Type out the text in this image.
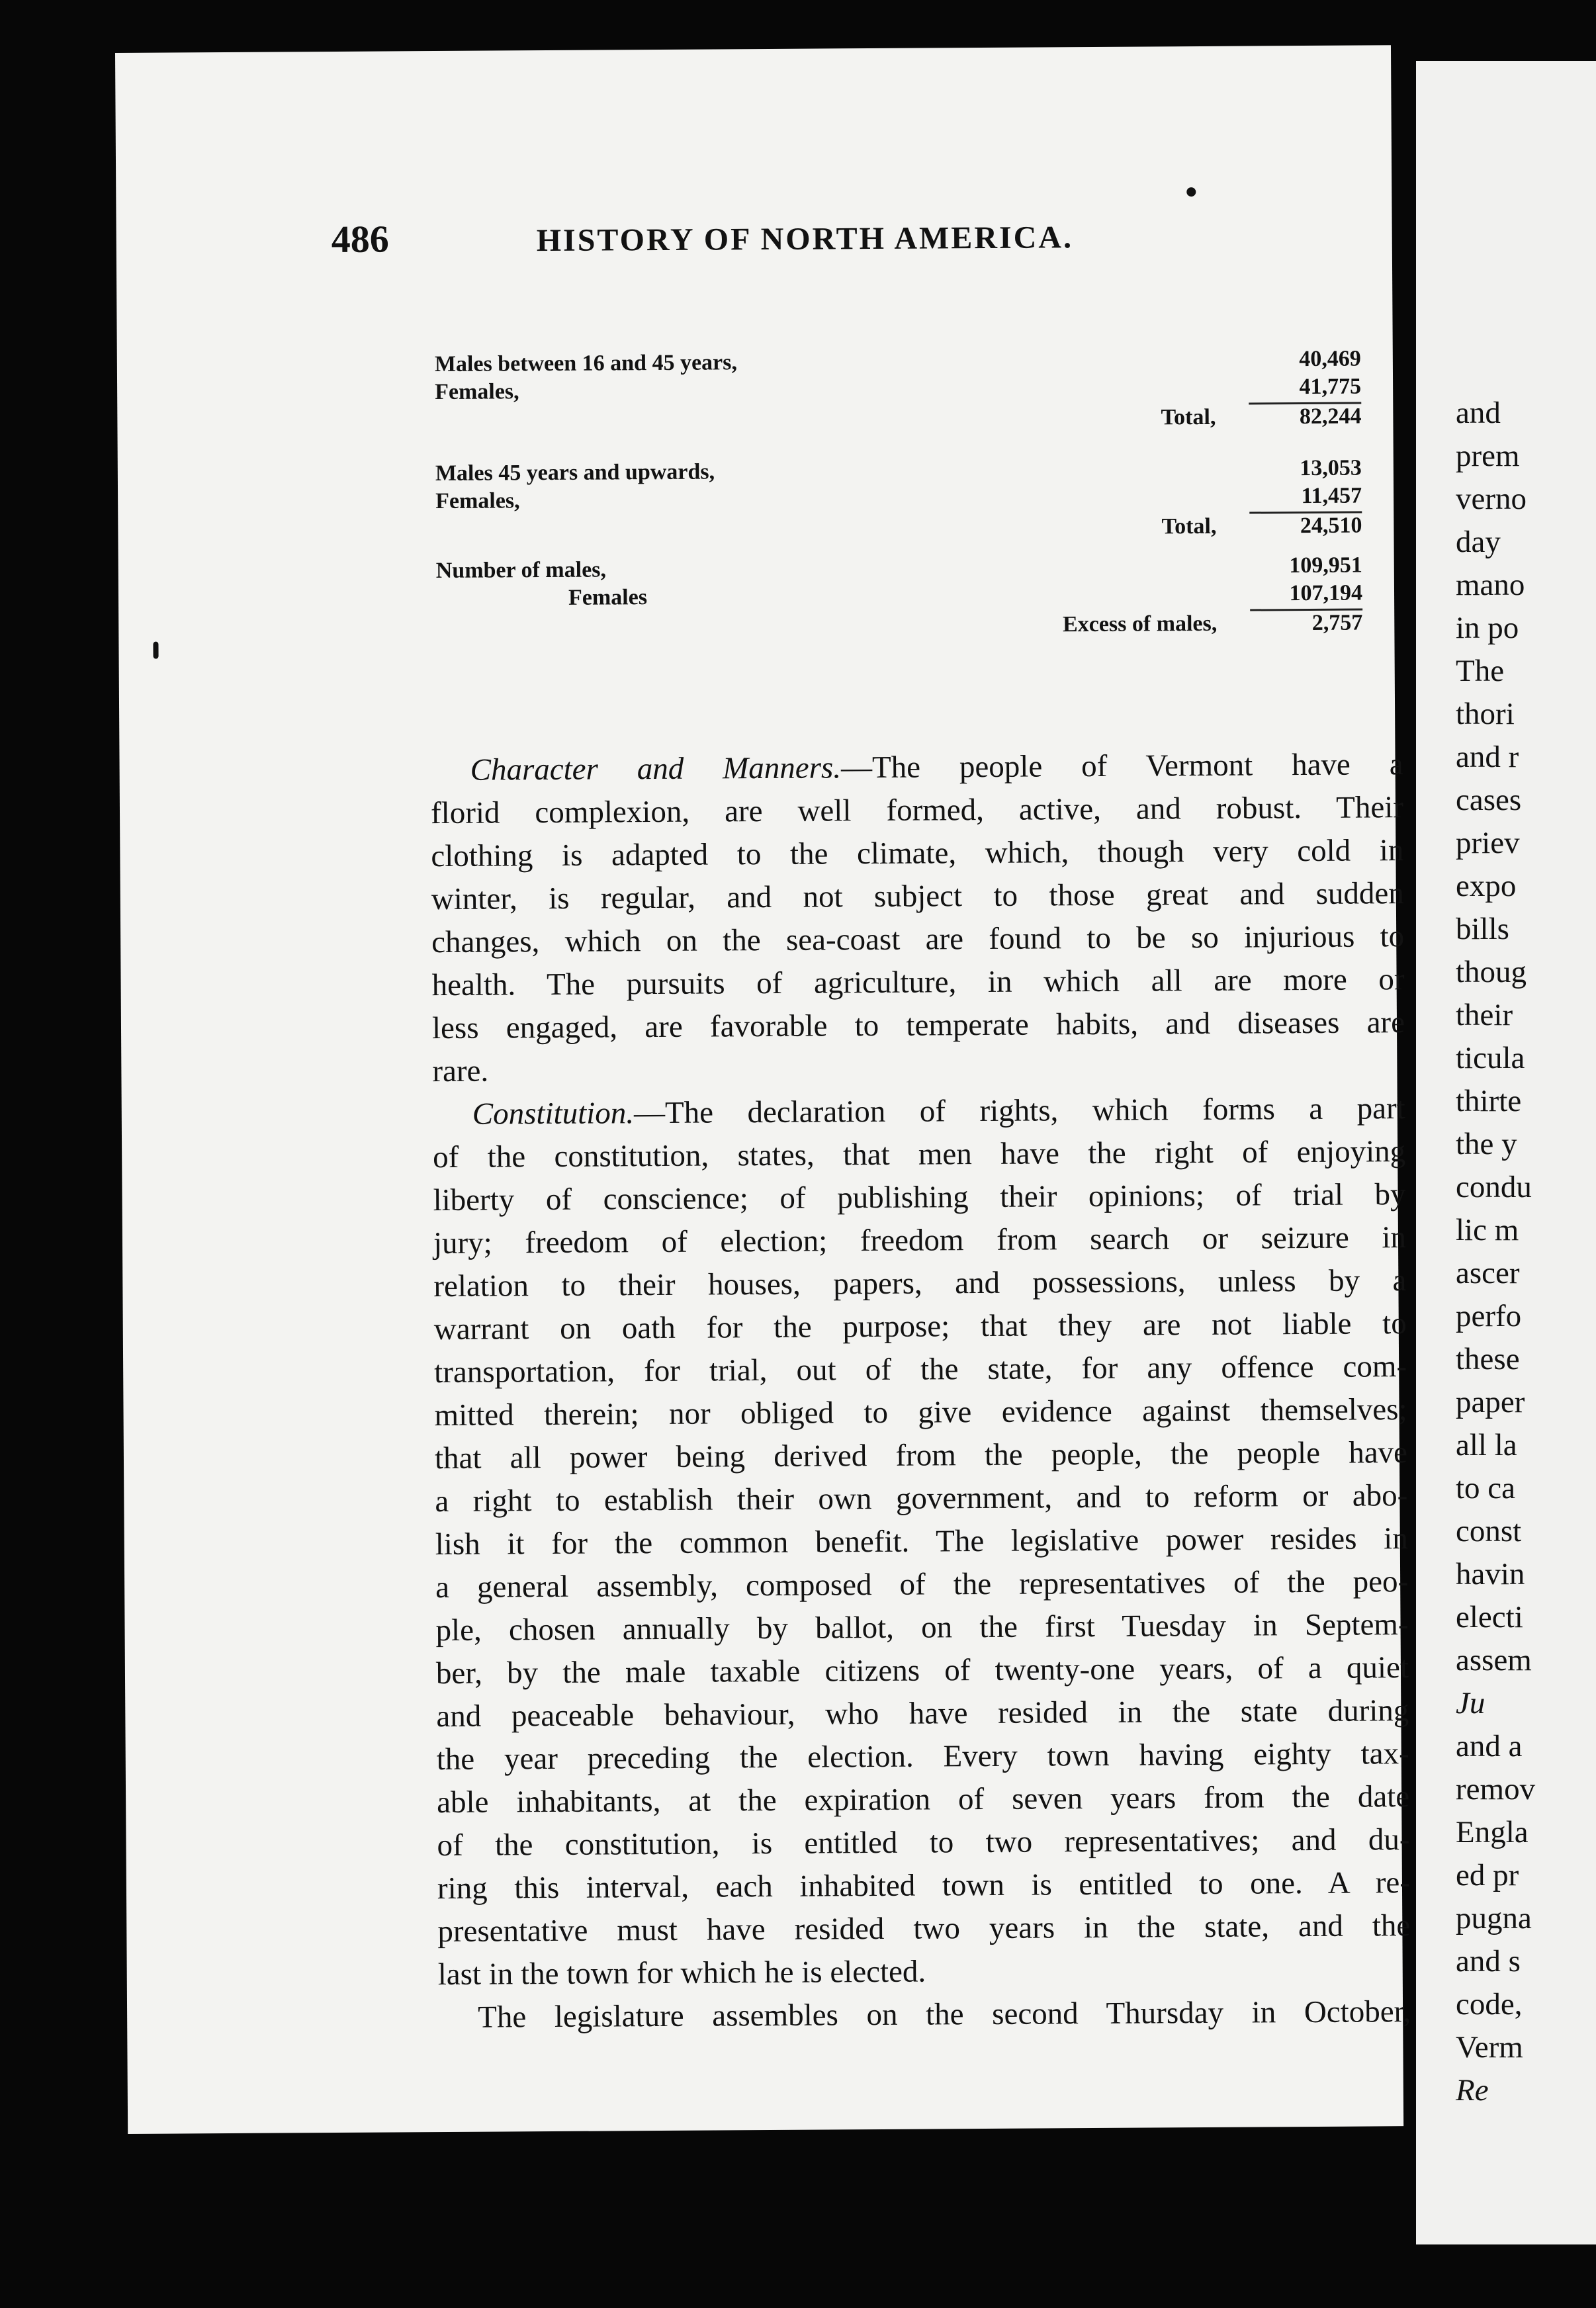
486	HISTORY OF NORTH AMERICA.
Males between 16 and 45 years,	40,469
Females,	41,775
Total,	82,244
Males 45 years and upwards,	13,053
Females,	11,457
Total,	24,510
Number of males,	109,951
Females	107,194
Excess of males,	2,757
Character and Manners.—The people of Vermont have a
florid complexion, are well formed, active, and robust. Their
clothing is adapted to the climate, which, though very cold in
winter, is regular, and not subject to those great and sudden
changes, which on the sea-coast are found to be so injurious to
health. The pursuits of agriculture, in which all are more or
less engaged, are favorable to temperate habits, and diseases are
rare.
Constitution.—The declaration of rights, which forms a part
of the constitution, states, that men have the right of enjoying
liberty of conscience; of publishing their opinions; of trial by
jury; freedom of election; freedom from search or seizure in
relation to their houses, papers, and possessions, unless by a
warrant on oath for the purpose; that they are not liable to
transportation, for trial, out of the state, for any offence com-
mitted therein; nor obliged to give evidence against themselves;
that all power being derived from the people, the people have
a right to establish their own government, and to reform or abo-
lish it for the common benefit. The legislative power resides in
a general assembly, composed of the representatives of the peo-
ple, chosen annually by ballot, on the first Tuesday in Septem-
ber, by the male taxable citizens of twenty-one years, of a quiet
and peaceable behaviour, who have resided in the state during
the year preceding the election. Every town having eighty tax-
able inhabitants, at the expiration of seven years from the date
of the constitution, is entitled to two representatives; and du-
ring this interval, each inhabited town is entitled to one. A re-
presentative must have resided two years in the state, and the
last in the town for which he is elected.
The legislature assembles on the second Thursday in October,
and
prem
verno
day
mano
in po
The
thori
and r
cases
priev
expo
bills
thoug
their
ticula
thirte
the y
condu
lic m
ascer
perfo
these
paper
all la
to ca
const
havin
electi
assem
Ju
and a
remov
Engla
ed pr
pugna
and s
code,
Verm
Re
